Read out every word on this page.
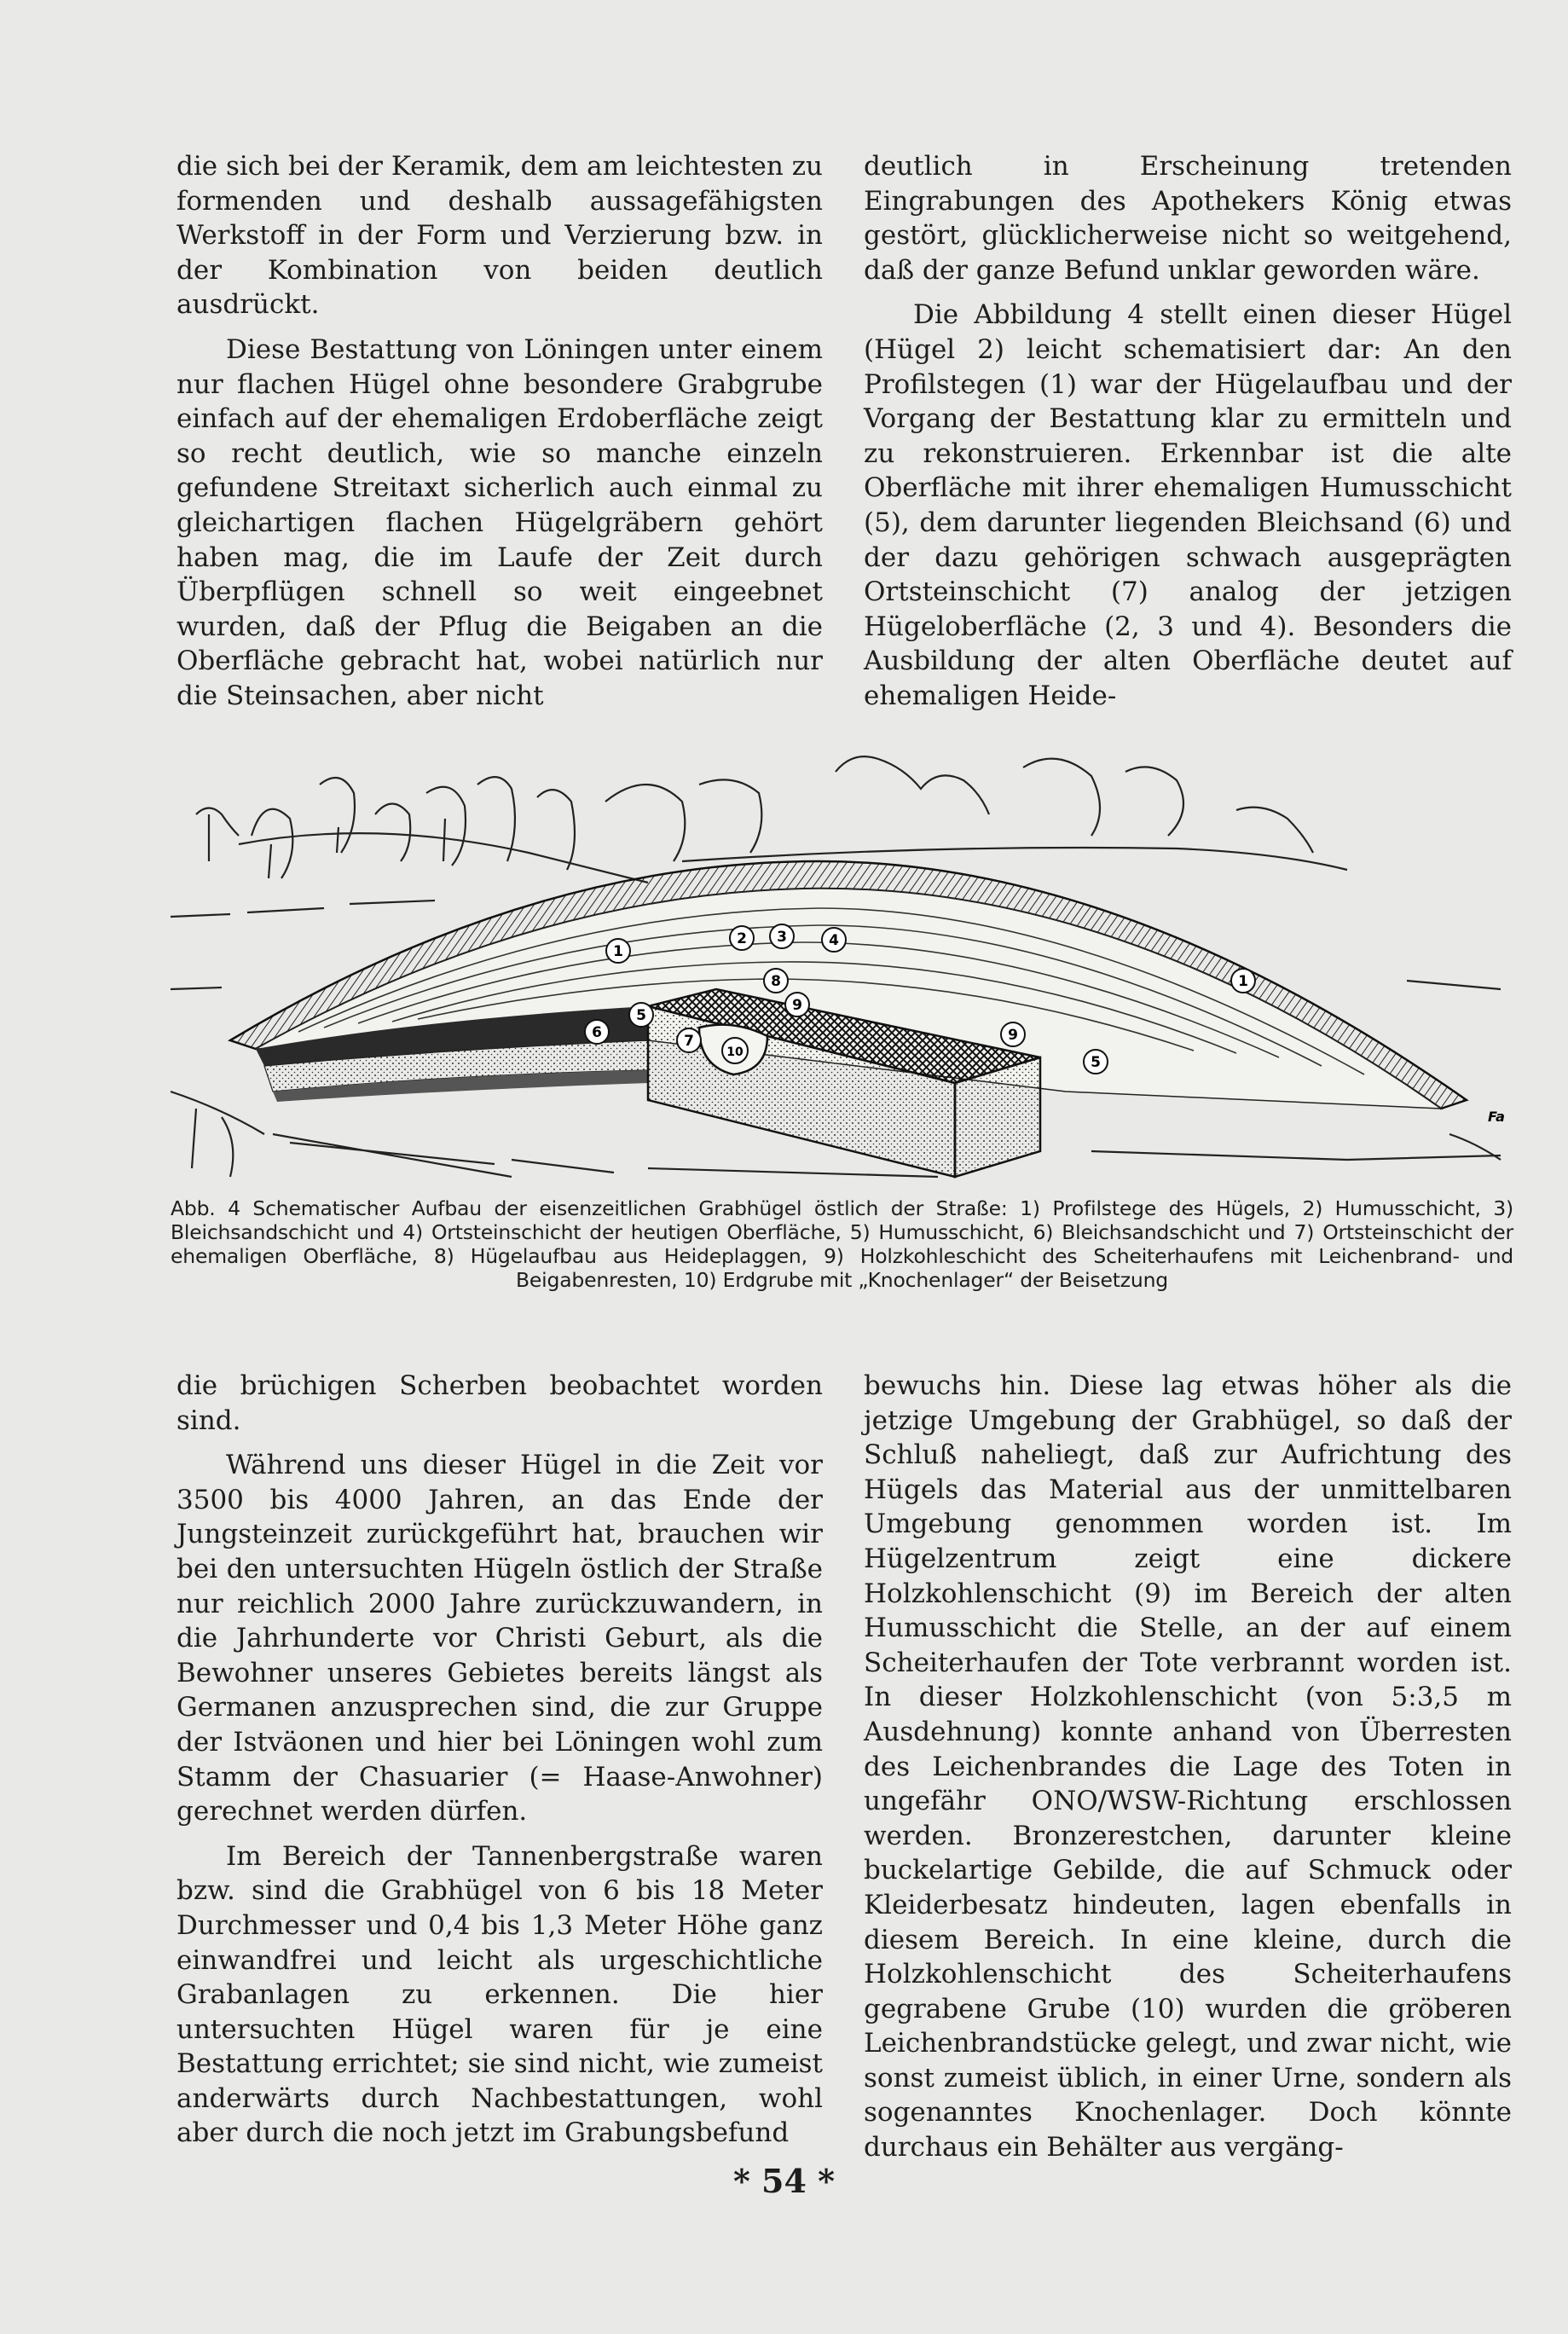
die sich bei der Keramik, dem am leichtesten zu formenden und deshalb aussagefähigsten Werkstoff in der Form und Verzierung bzw. in der Kombination von beiden deutlich ausdrückt.

Diese Bestattung von Löningen unter einem nur flachen Hügel ohne besondere Grabgrube einfach auf der ehemaligen Erdoberfläche zeigt so recht deutlich, wie so manche einzeln gefundene Streitaxt sicherlich auch einmal zu gleichartigen flachen Hügelgräbern gehört haben mag, die im Laufe der Zeit durch Überpflügen schnell so weit eingeebnet wurden, daß der Pflug die Beigaben an die Oberfläche gebracht hat, wobei natürlich nur die Steinsachen, aber nicht

deutlich in Erscheinung tretenden Eingrabungen des Apothekers König etwas gestört, glücklicherweise nicht so weitgehend, daß der ganze Befund unklar geworden wäre.

Die Abbildung 4 stellt einen dieser Hügel (Hügel 2) leicht schematisiert dar: An den Profilstegen (1) war der Hügelaufbau und der Vorgang der Bestattung klar zu ermitteln und zu rekonstruieren. Erkennbar ist die alte Oberfläche mit ihrer ehemaligen Humusschicht (5), dem darunter liegenden Bleichsand (6) und der dazu gehörigen schwach ausgeprägten Ortsteinschicht (7) analog der jetzigen Hügeloberfläche (2, 3 und 4). Besonders die Ausbildung der alten Oberfläche deutet auf ehemaligen Heide-

1
2 3	4
5
6	7
8
9
10
1
9
5
Fa
Abb. 4 Schematischer Aufbau der eisenzeitlichen Grabhügel östlich der Straße: 1) Profilstege des Hügels, 2) Humusschicht, 3) Bleichsandschicht und 4) Ortsteinschicht der heutigen Oberfläche, 5) Humusschicht, 6) Bleichsandschicht und 7) Ortsteinschicht der ehemaligen Oberfläche, 8) Hügelaufbau aus Heideplaggen, 9) Holzkohleschicht des Scheiterhaufens mit Leichenbrand- und Beigabenresten, 10) Erdgrube mit „Knochenlager“ der Beisetzung

die brüchigen Scherben beobachtet worden sind.

Während uns dieser Hügel in die Zeit vor 3500 bis 4000 Jahren, an das Ende der Jungsteinzeit zurückgeführt hat, brauchen wir bei den untersuchten Hügeln östlich der Straße nur reichlich 2000 Jahre zurückzuwandern, in die Jahrhunderte vor Christi Geburt, als die Bewohner unseres Gebietes bereits längst als Germanen anzusprechen sind, die zur Gruppe der Istväonen und hier bei Löningen wohl zum Stamm der Chasuarier (= Haase-Anwohner) gerechnet werden dürfen.

Im Bereich der Tannenbergstraße waren bzw. sind die Grabhügel von 6 bis 18 Meter Durchmesser und 0,4 bis 1,3 Meter Höhe ganz einwandfrei und leicht als urgeschichtliche Grabanlagen zu erkennen. Die hier untersuchten Hügel waren für je eine Bestattung errichtet; sie sind nicht, wie zumeist anderwärts durch Nachbestattungen, wohl aber durch die noch jetzt im Grabungsbefund

bewuchs hin. Diese lag etwas höher als die jetzige Umgebung der Grabhügel, so daß der Schluß naheliegt, daß zur Aufrichtung des Hügels das Material aus der unmittelbaren Umgebung genommen worden ist. Im Hügelzentrum zeigt eine dickere Holzkohlenschicht (9) im Bereich der alten Humusschicht die Stelle, an der auf einem Scheiterhaufen der Tote verbrannt worden ist. In dieser Holzkohlenschicht (von 5:3,5 m Ausdehnung) konnte anhand von Überresten des Leichenbrandes die Lage des Toten in ungefähr ONO/WSW-Richtung erschlossen werden. Bronzerestchen, darunter kleine buckelartige Gebilde, die auf Schmuck oder Kleiderbesatz hindeuten, lagen ebenfalls in diesem Bereich. In eine kleine, durch die Holzkohlenschicht des Scheiterhaufens gegrabene Grube (10) wurden die gröberen Leichenbrandstücke gelegt, und zwar nicht, wie sonst zumeist üblich, in einer Urne, sondern als sogenanntes Knochenlager. Doch könnte durchaus ein Behälter aus vergäng-

* 54 *
